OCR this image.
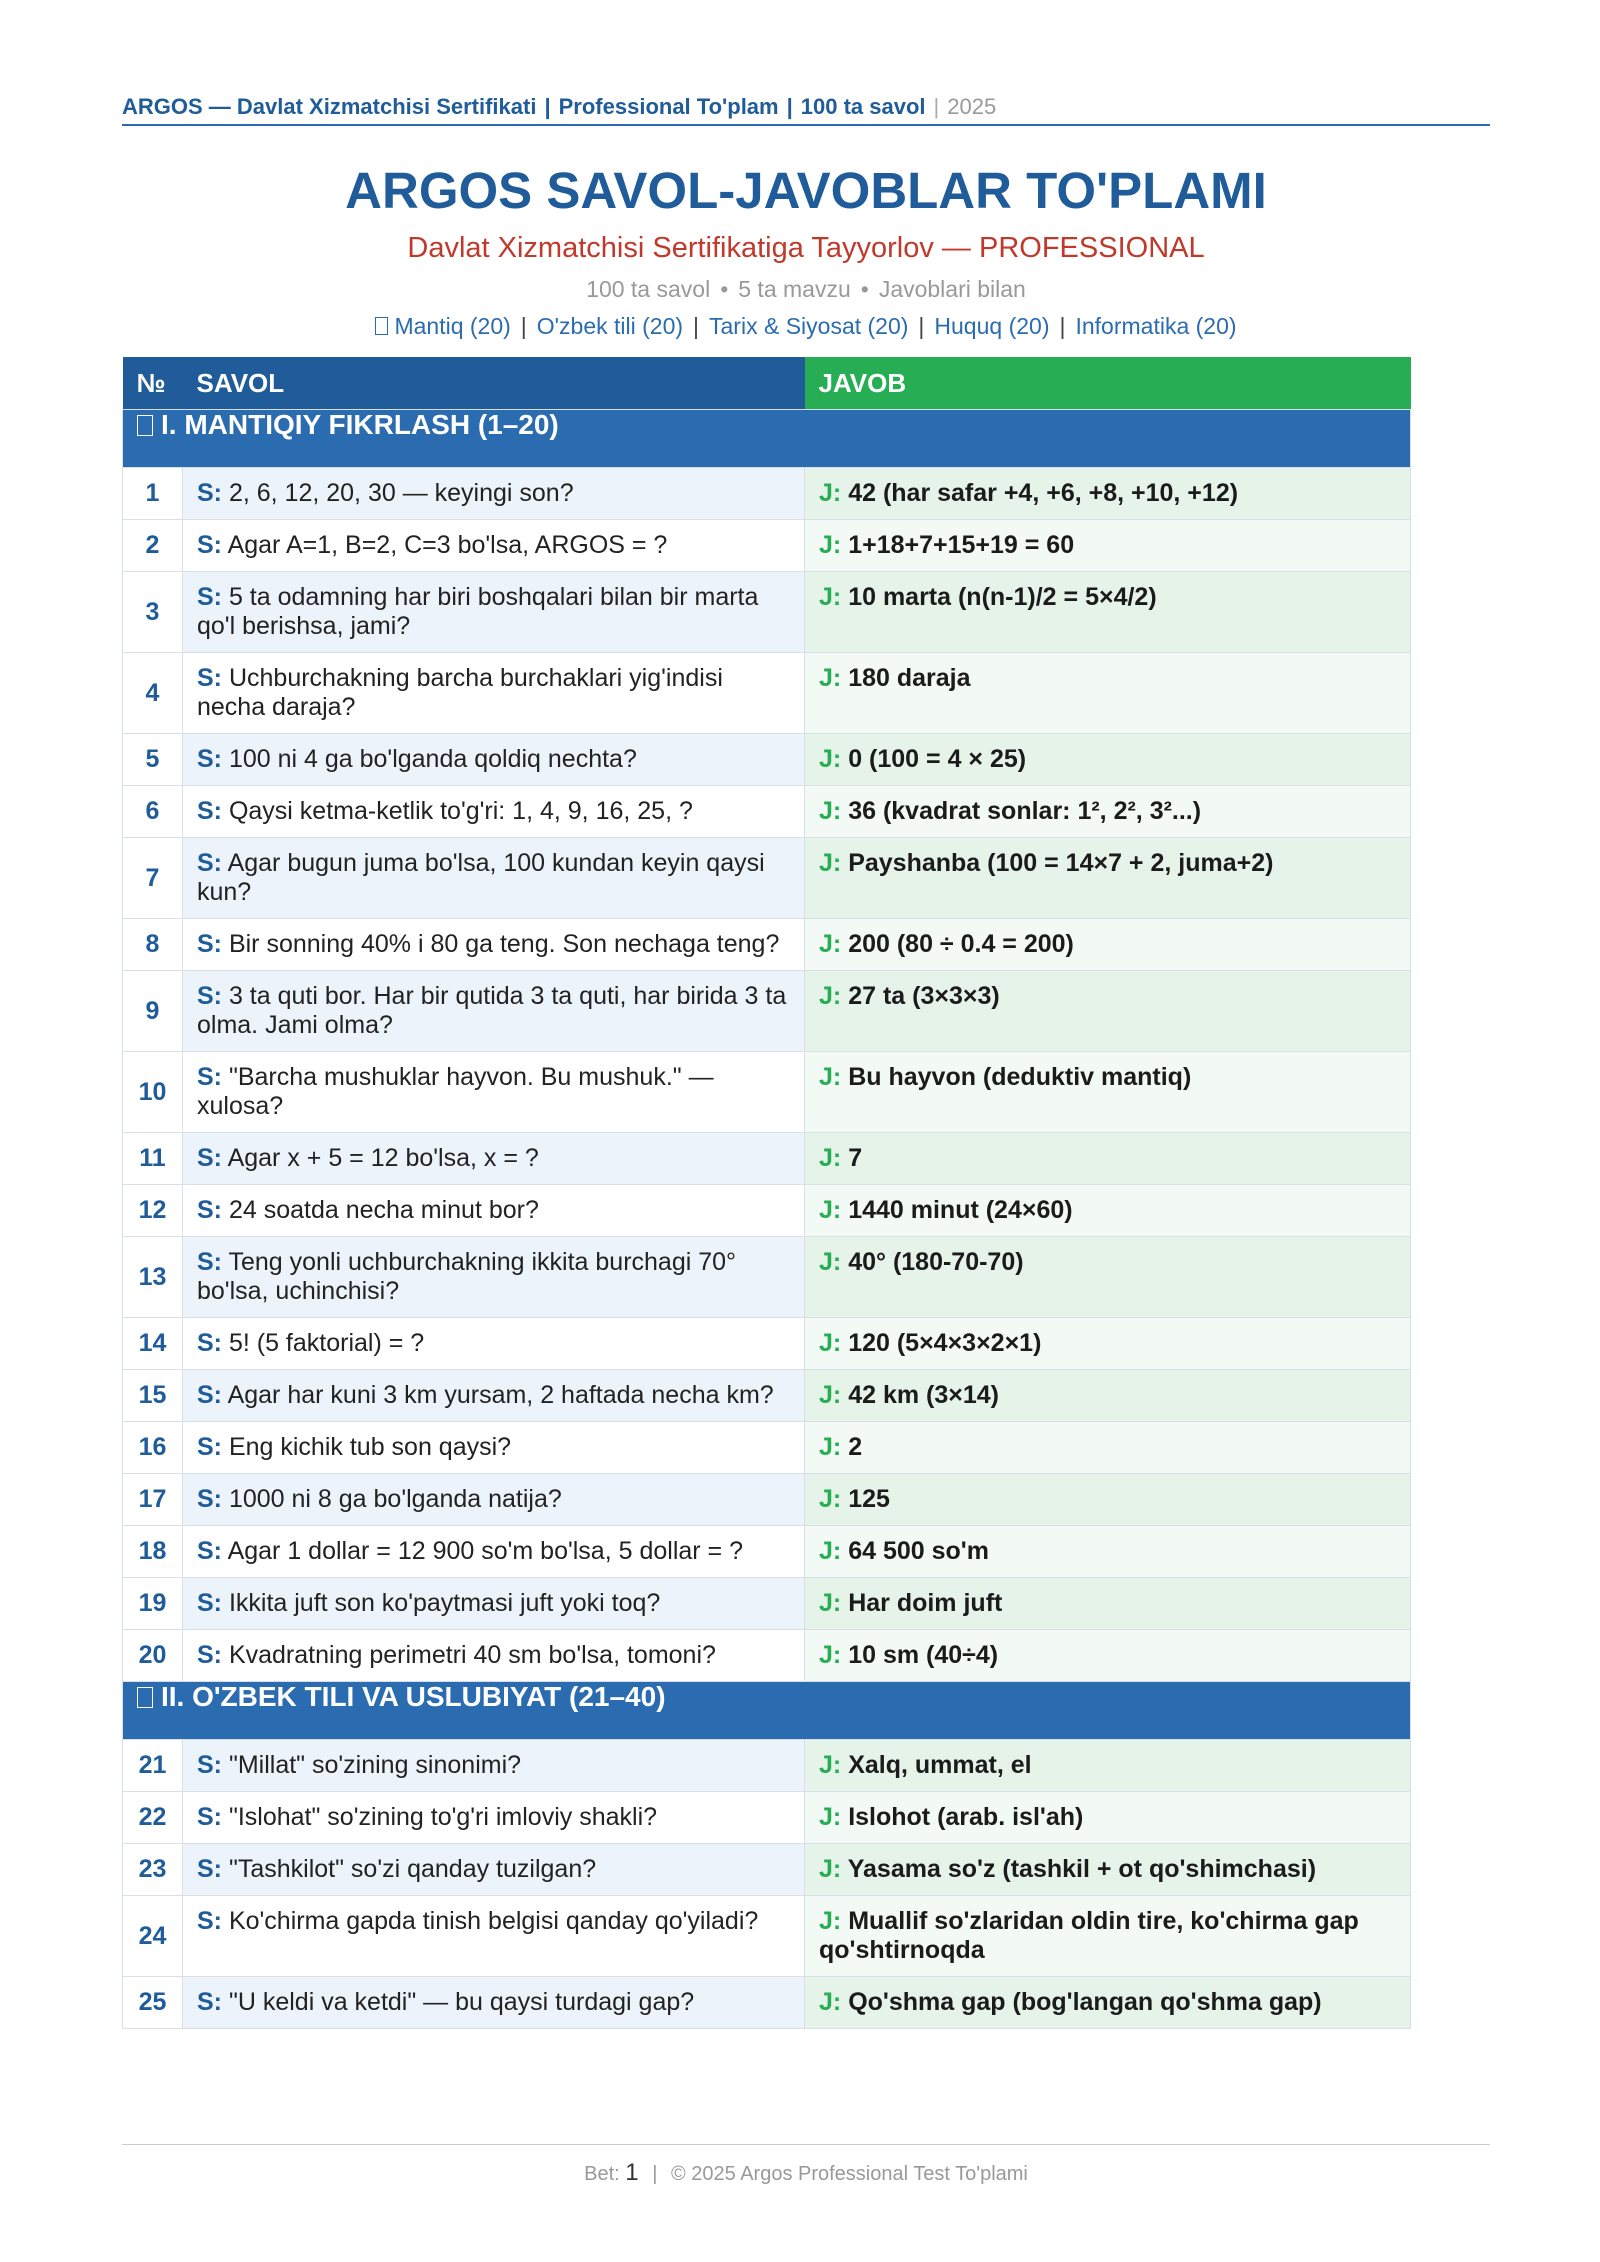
ARGOS — Davlat Xizmatchisi Sertifikati | Professional To'plam | 100 ta savol | 2025
ARGOS SAVOL-JAVOBLAR TO'PLAMI

Davlat Xizmatchisi Sertifikatiga Tayyorlov — PROFESSIONAL

100 ta savol • 5 ta mavzu • Javoblari bilan

Mantiq (20) | O'zbek tili (20) | Tarix & Siyosat (20) | Huquq (20) | Informatika (20)

№	SAVOL	JAVOB
I. MANTIQIY FIKRLASH (1–20)		
1	S: 2, 6, 12, 20, 30 — keyingi son?	J: 42 (har safar +4, +6, +8, +10, +12)
2	S: Agar A=1, B=2, C=3 bo'lsa, ARGOS = ?	J: 1+18+7+15+19 = 60
3	S: 5 ta odamning har biri boshqalari bilan bir marta qo'l berishsa, jami?	J: 10 marta (n(n-1)/2 = 5×4/2)
4	S: Uchburchakning barcha burchaklari yig'indisi necha daraja?	J: 180 daraja
5	S: 100 ni 4 ga bo'lganda qoldiq nechta?	J: 0 (100 = 4 × 25)
6	S: Qaysi ketma-ketlik to'g'ri: 1, 4, 9, 16, 25, ?	J: 36 (kvadrat sonlar: 1², 2², 3²...)
7	S: Agar bugun juma bo'lsa, 100 kundan keyin qaysi kun?	J: Payshanba (100 = 14×7 + 2, juma+2)
8	S: Bir sonning 40% i 80 ga teng. Son nechaga teng?	J: 200 (80 ÷ 0.4 = 200)
9	S: 3 ta quti bor. Har bir qutida 3 ta quti, har birida 3 ta olma. Jami olma?	J: 27 ta (3×3×3)
10	S: "Barcha mushuklar hayvon. Bu mushuk." — xulosa?	J: Bu hayvon (deduktiv mantiq)
11	S: Agar x + 5 = 12 bo'lsa, x = ?	J: 7
12	S: 24 soatda necha minut bor?	J: 1440 minut (24×60)
13	S: Teng yonli uchburchakning ikkita burchagi 70° bo'lsa, uchinchisi?	J: 40° (180-70-70)
14	S: 5! (5 faktorial) = ?	J: 120 (5×4×3×2×1)
15	S: Agar har kuni 3 km yursam, 2 haftada necha km?	J: 42 km (3×14)
16	S: Eng kichik tub son qaysi?	J: 2
17	S: 1000 ni 8 ga bo'lganda natija?	J: 125
18	S: Agar 1 dollar = 12 900 so'm bo'lsa, 5 dollar = ?	J: 64 500 so'm
19	S: Ikkita juft son ko'paytmasi juft yoki toq?	J: Har doim juft
20	S: Kvadratning perimetri 40 sm bo'lsa, tomoni?	J: 10 sm (40÷4)
II. O'ZBEK TILI VA USLUBIYAT (21–40)		
21	S: "Millat" so'zining sinonimi?	J: Xalq, ummat, el
22	S: "Islohat" so'zining to'g'ri imloviy shakli?	J: Islohot (arab. isl'ah)
23	S: "Tashkilot" so'zi qanday tuzilgan?	J: Yasama so'z (tashkil + ot qo'shimchasi)
24	S: Ko'chirma gapda tinish belgisi qanday qo'yiladi?	J: Muallif so'zlaridan oldin tire, ko'chirma gap qo'shtirnoqda
25	S: "U keldi va ketdi" — bu qaysi turdagi gap?	J: Qo'shma gap (bog'langan qo'shma gap)
Bet: 1 | © 2025 Argos Professional Test To'plami
